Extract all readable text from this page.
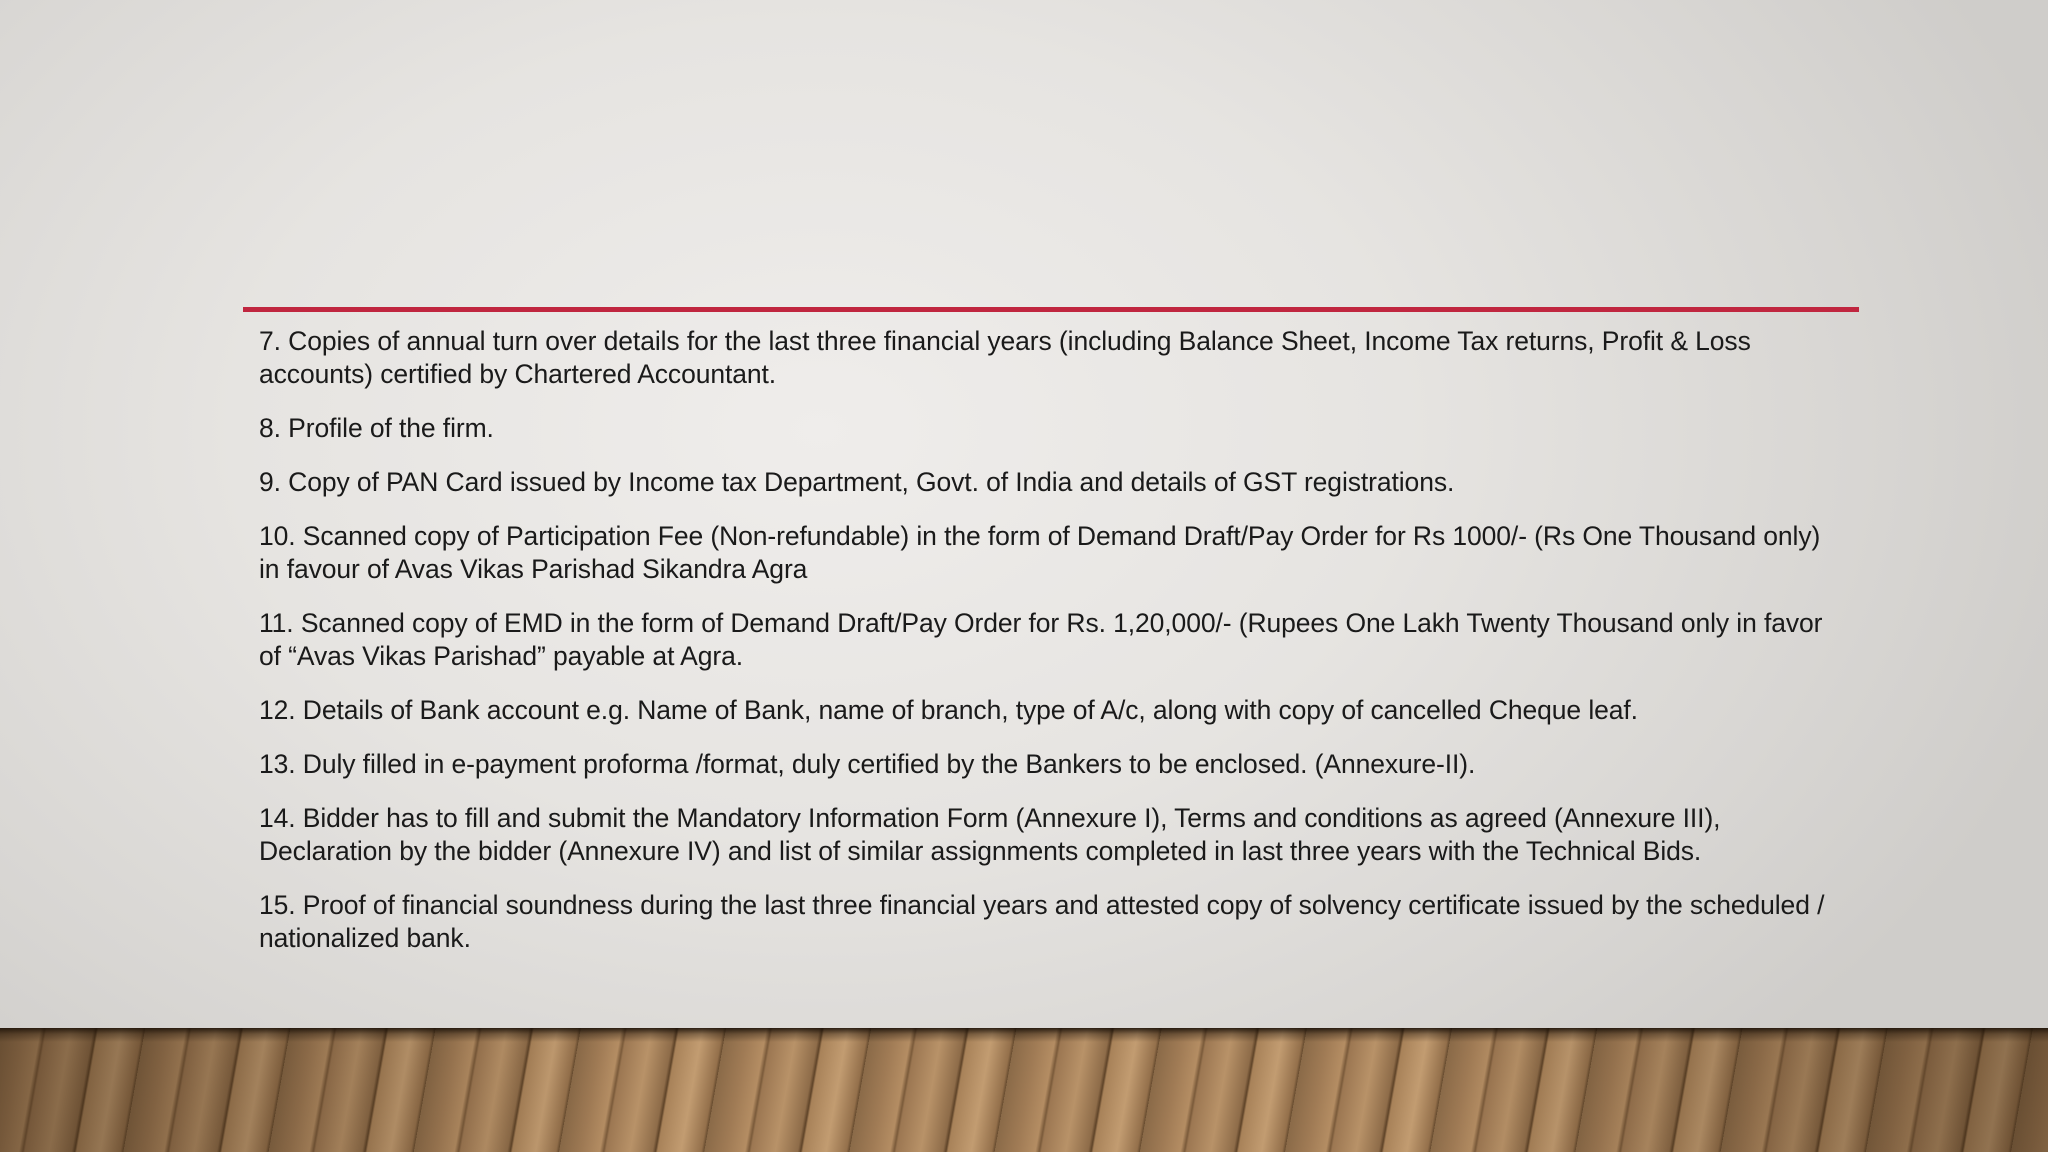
7. Copies of annual turn over details for the last three financial years (including Balance Sheet, Income Tax returns, Profit & Loss accounts) certified by Chartered Accountant.

8. Profile of the firm.

9. Copy of PAN Card issued by Income tax Department, Govt. of India and details of GST registrations.

10. Scanned copy of Participation Fee (Non-refundable) in the form of Demand Draft/Pay Order for Rs 1000/- (Rs One Thousand only) in favour of Avas Vikas Parishad Sikandra Agra

11. Scanned copy of EMD in the form of Demand Draft/Pay Order for Rs. 1,20,000/- (Rupees One Lakh Twenty Thousand only in favor of “Avas Vikas Parishad” payable at Agra.

12. Details of Bank account e.g. Name of Bank, name of branch, type of A/c, along with copy of cancelled Cheque leaf.

13. Duly filled in e-payment proforma /format, duly certified by the Bankers to be enclosed. (Annexure-II).

14. Bidder has to fill and submit the Mandatory Information Form (Annexure I), Terms and conditions as agreed (Annexure III), Declaration by the bidder (Annexure IV) and list of similar assignments completed in last three years with the Technical Bids.

15. Proof of financial soundness during the last three financial years and attested copy of solvency certificate issued by the scheduled / nationalized bank.
